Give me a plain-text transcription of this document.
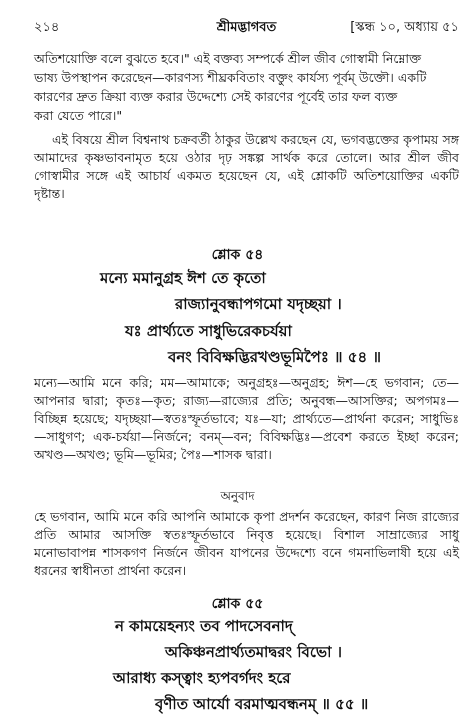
২১৪	শ্রীমদ্ভাগবত	[স্কন্ধ ১০, অধ্যায় ৫১
অতিশয়োক্তি বলে বুঝতে হবে।" এই বক্তব্য সম্পর্কে শ্রীল জীব গোস্বামী নিম্নোক্ত
ভাষ্য উপস্থাপন করেছেন—কারণস্য শীঘ্রকবিতাং বক্তুং কার্যস্য পূর্বম্ উক্তৌ। একটি
কারণের দ্রুত ক্রিয়া ব্যক্ত করার উদ্দেশ্যে সেই কারণের পূর্বেই তার ফল ব্যক্ত
করা যেতে পারে।"
এই বিষয়ে শ্রীল বিশ্বনাথ চক্রবর্তী ঠাকুর উল্লেখ করছেন যে, ভগবদ্ভক্তের কৃপাময় সঙ্গ আমাদের কৃষ্ণভাবনামৃত হয়ে ওঠার দৃঢ় সঙ্কল্প সার্থক করে তোলে। আর শ্রীল জীব গোস্বামীর সঙ্গে এই আচার্য একমত হয়েছেন যে, এই শ্লোকটি অতিশয়োক্তির একটি দৃষ্টান্ত।
শ্লোক ৫৪
মন্যে মমানুগ্রহ ঈশ তে কৃতো
রাজ্যানুবন্ধাপগমো যদৃচ্ছয়া ।
যঃ প্রার্থ্যতে সাধুভিরেকচর্যয়া
বনং বিবিক্ষদ্ভিরখণ্ডভূমিপৈঃ ॥ ৫৪ ॥
মন্যে—আমি মনে করি; মম—আমাকে; অনুগ্রহঃ—অনুগ্রহ; ঈশ—হে ভগবান; তে—আপনার দ্বারা; কৃতঃ—কৃত; রাজ্য—রাজ্যের প্রতি; অনুবন্ধ—আসক্তির; অপগমঃ—বিচ্ছিন্ন হয়েছে; যদৃচ্ছয়া—স্বতঃস্ফূর্তভাবে; যঃ—যা; প্রার্থ্যতে—প্রার্থনা করেন; সাধুভিঃ—সাধুগণ; এক-চর্যয়া—নির্জনে; বনম্—বন; বিবিক্ষদ্ভিঃ—প্রবেশ করতে ইচ্ছা করেন; অখণ্ড—অখণ্ড; ভূমি—ভূমির; পৈঃ—শাসক দ্বারা।
অনুবাদ
হে ভগবান, আমি মনে করি আপনি আমাকে কৃপা প্রদর্শন করেছেন, কারণ নিজ রাজ্যের প্রতি আমার আসক্তি স্বতঃস্ফূর্তভাবে নিবৃত্ত হয়েছে। বিশাল সাম্রাজ্যের সাধু মনোভাবাপন্ন শাসকগণ নির্জনে জীবন যাপনের উদ্দেশ্যে বনে গমনাভিলাষী হয়ে এই ধরনের স্বাধীনতা প্রার্থনা করেন।
শ্লোক ৫৫
ন কাময়েহন্যং তব পাদসেবনাদ্
অকিঞ্চনপ্রার্থ্যতমাদ্বরং বিভো ।
আরাধ্য কস্ত্বাং হ্যপবর্গদং হরে
বৃণীত আর্যো বরমাত্মবন্ধনম্ ॥ ৫৫ ॥
